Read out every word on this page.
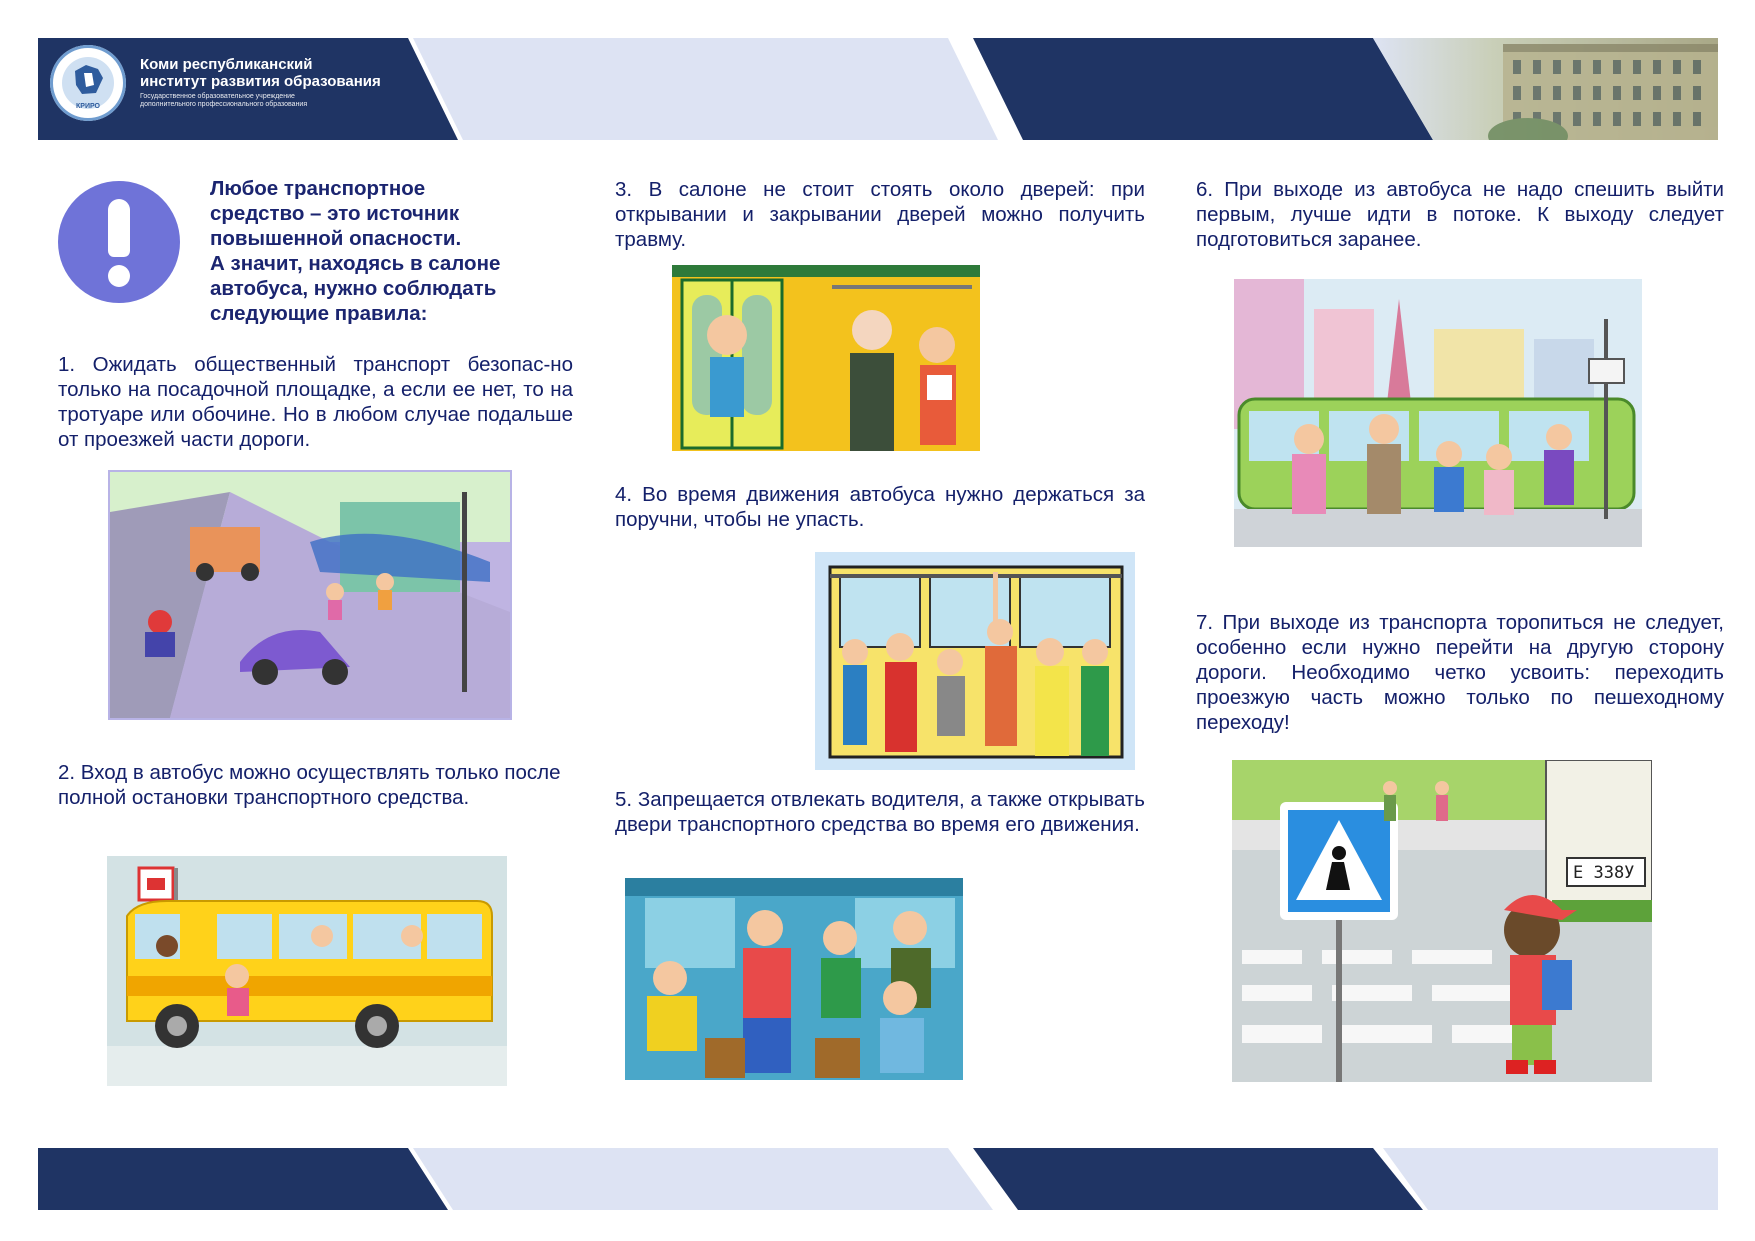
КРИРО
Коми республиканский
институт развития образования
Государственное образовательное учреждение
дополнительного профессионального образования
Любое транспортное
средство – это источник
повышенной опасности.
А значит, находясь в салоне
автобуса, нужно соблюдать
следующие правила:
1. Ожидать общественный транспорт безопас-но только на посадочной площадке, а если ее нет, то на тротуаре или обочине. Но в любом случае подальше от проезжей части дороги.
2. Вход в автобус можно осуществлять только после полной остановки транспортного средства.
3. В салоне не стоит стоять около дверей: при открывании и закрывании дверей можно получить травму.
4. Во время движения автобуса нужно держаться за поручни, чтобы не упасть.
5. Запрещается отвлекать водителя, а также открывать двери транспортного средства во время его движения.
6. При выходе из автобуса не надо спешить выйти первым, лучше идти в потоке. К выходу следует подготовиться заранее.
7. При выходе из транспорта торопиться не следует, особенно если нужно перейти на другую сторону дороги. Необходимо четко усвоить: переходить проезжую часть можно только по пешеходному переходу!
Е 338У
